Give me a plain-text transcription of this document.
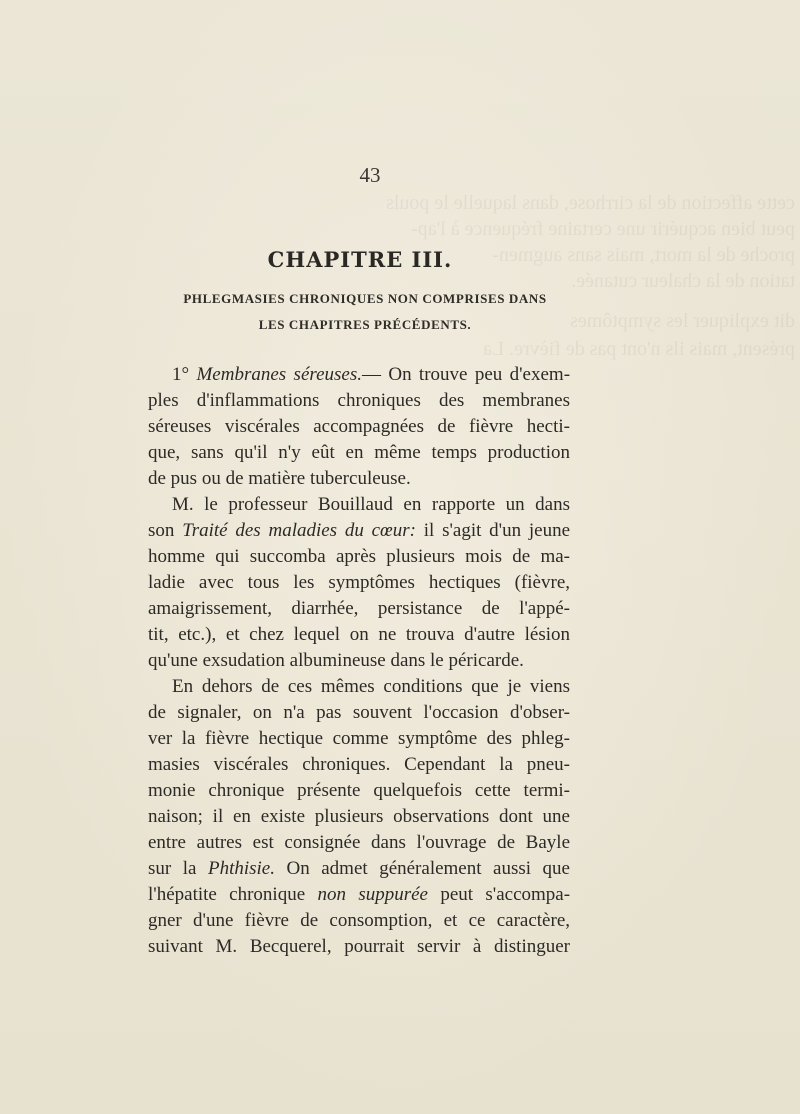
cette affection de la cirrhose, dans laquelle le pouls
peut bien acquérir une certaine fréquence à l'ap-
proche de la mort, mais sans augmen-
tation de la chaleur cutanée.
dit expliquer les symptômes
présent, mais ils n'ont pas de fièvre. La
43
CHAPITRE III.
PHLEGMASIES CHRONIQUES NON COMPRISES DANS
LES CHAPITRES PRÉCÉDENTS.
1° Membranes séreuses.— On trouve peu d'exem-
ples d'inflammations chroniques des membranes
séreuses viscérales accompagnées de fièvre hecti-
que, sans qu'il n'y eût en même temps production
de pus ou de matière tuberculeuse.
M. le professeur Bouillaud en rapporte un dans
son Traité des maladies du cœur: il s'agit d'un jeune
homme qui succomba après plusieurs mois de ma-
ladie avec tous les symptômes hectiques (fièvre,
amaigrissement, diarrhée, persistance de l'appé-
tit, etc.), et chez lequel on ne trouva d'autre lésion
qu'une exsudation albumineuse dans le péricarde.
En dehors de ces mêmes conditions que je viens
de signaler, on n'a pas souvent l'occasion d'obser-
ver la fièvre hectique comme symptôme des phleg-
masies viscérales chroniques. Cependant la pneu-
monie chronique présente quelquefois cette termi-
naison; il en existe plusieurs observations dont une
entre autres est consignée dans l'ouvrage de Bayle
sur la Phthisie. On admet généralement aussi que
l'hépatite chronique non suppurée peut s'accompa-
gner d'une fièvre de consomption, et ce caractère,
suivant M. Becquerel, pourrait servir à distinguer
